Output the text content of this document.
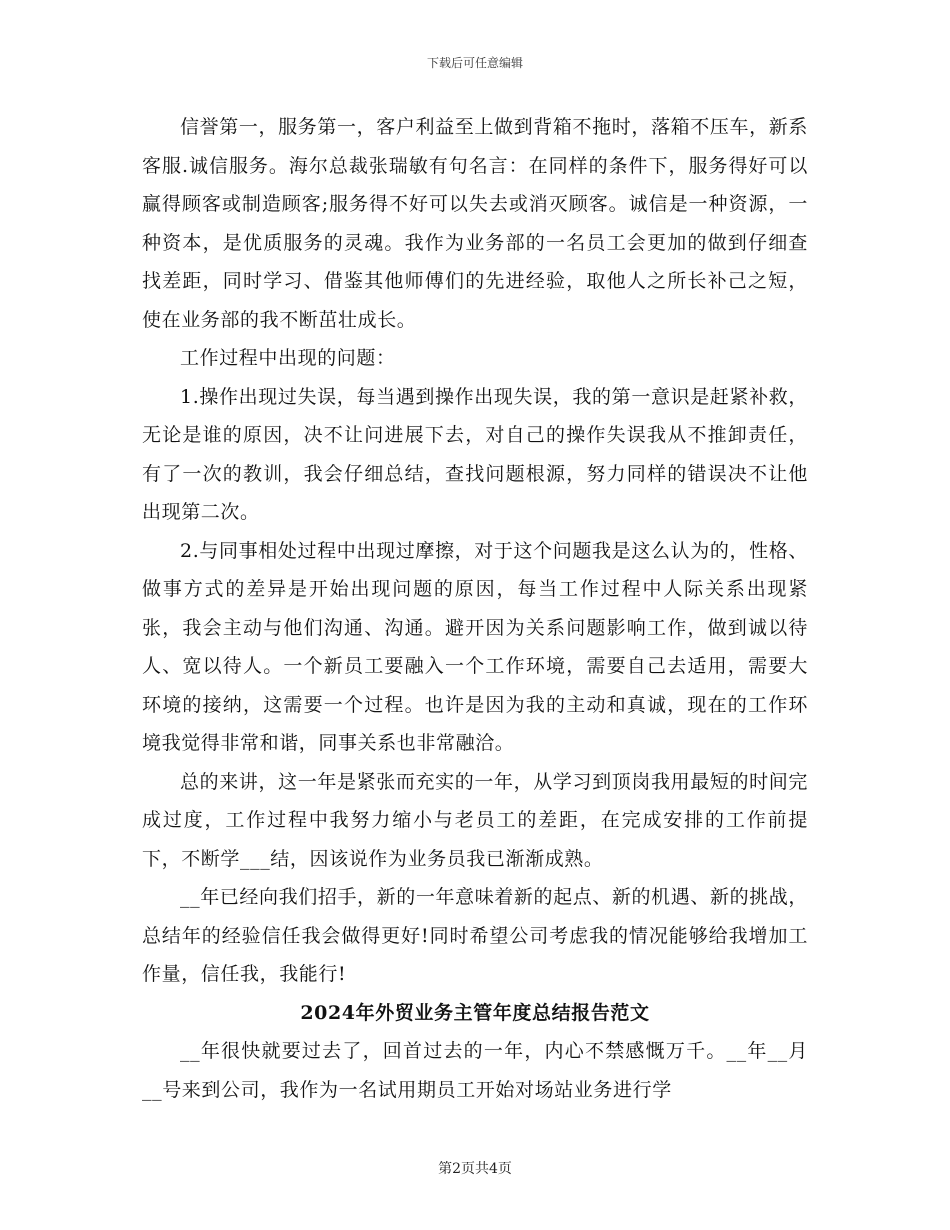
下载后可任意编辑

信誉第一，服务第一，客户利益至上做到背箱不拖时，落箱不压车，新系客服.诚信服务。海尔总裁张瑞敏有句名言：在同样的条件下，服务得好可以赢得顾客或制造顾客;服务得不好可以失去或消灭顾客。诚信是一种资源，一种资本，是优质服务的灵魂。我作为业务部的一名员工会更加的做到仔细查找差距，同时学习、借鉴其他师傅们的先进经验，取他人之所长补己之短，使在业务部的我不断茁壮成长。

工作过程中出现的问题：

1.操作出现过失误，每当遇到操作出现失误，我的第一意识是赶紧补救，无论是谁的原因，决不让问进展下去，对自己的操作失误我从不推卸责任，有了一次的教训，我会仔细总结，查找问题根源，努力同样的错误决不让他出现第二次。

2.与同事相处过程中出现过摩擦，对于这个问题我是这么认为的，性格、做事方式的差异是开始出现问题的原因，每当工作过程中人际关系出现紧张，我会主动与他们沟通、沟通。避开因为关系问题影响工作，做到诚以待人、宽以待人。一个新员工要融入一个工作环境，需要自己去适用，需要大环境的接纳，这需要一个过程。也许是因为我的主动和真诚，现在的工作环境我觉得非常和谐，同事关系也非常融洽。

总的来讲，这一年是紧张而充实的一年，从学习到顶岗我用最短的时间完成过度，工作过程中我努力缩小与老员工的差距，在完成安排的工作前提下，不断学___结，因该说作为业务员我已渐渐成熟。

__年已经向我们招手，新的一年意味着新的起点、新的机遇、新的挑战，总结年的经验信任我会做得更好!同时希望公司考虑我的情况能够给我增加工作量，信任我，我能行!

2024年外贸业务主管年度总结报告范文

__年很快就要过去了，回首过去的一年，内心不禁感慨万千。__年__月__号来到公司，我作为一名试用期员工开始对场站业务进行学

第2页共4页
